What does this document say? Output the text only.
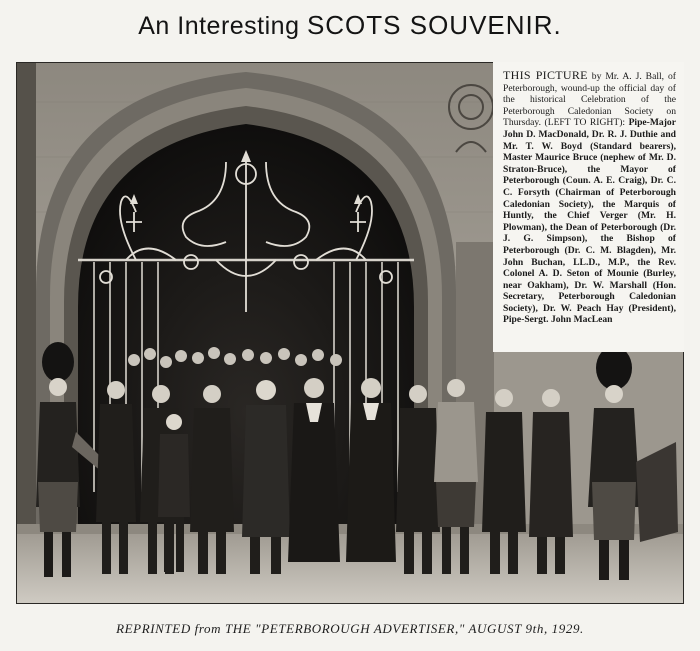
An Interesting SCOTS SOUVENIR.
THIS PICTURE by Mr. A. J. Ball, of Peterborough, wound-up the official day of the historical Celebration of the Peterborough Caledonian Society on Thursday. (LEFT TO RIGHT): Pipe-Major John D. MacDonald, Dr. R. J. Duthie and Mr. T. W. Boyd (Standard bearers), Master Maurice Bruce (nephew of Mr. D. Straton-Bruce), the Mayor of Peterborough (Coun. A. E. Craig), Dr. C. C. Forsyth (Chairman of Peterborough Caledonian Society), the Marquis of Huntly, the Chief Verger (Mr. H. Plowman), the Dean of Peterborough (Dr. J. G. Simpson), the Bishop of Peterborough (Dr. C. M. Blagden), Mr. John Buchan, LL.D., M.P., the Rev. Colonel A. D. Seton of Mounie (Burley, near Oakham), Dr. W. Marshall (Hon. Secretary, Peterborough Caledonian Society), Dr. W. Peach Hay (President), Pipe-Sergt. John MacLean
REPRINTED from THE "PETERBOROUGH ADVERTISER," AUGUST 9th, 1929.
